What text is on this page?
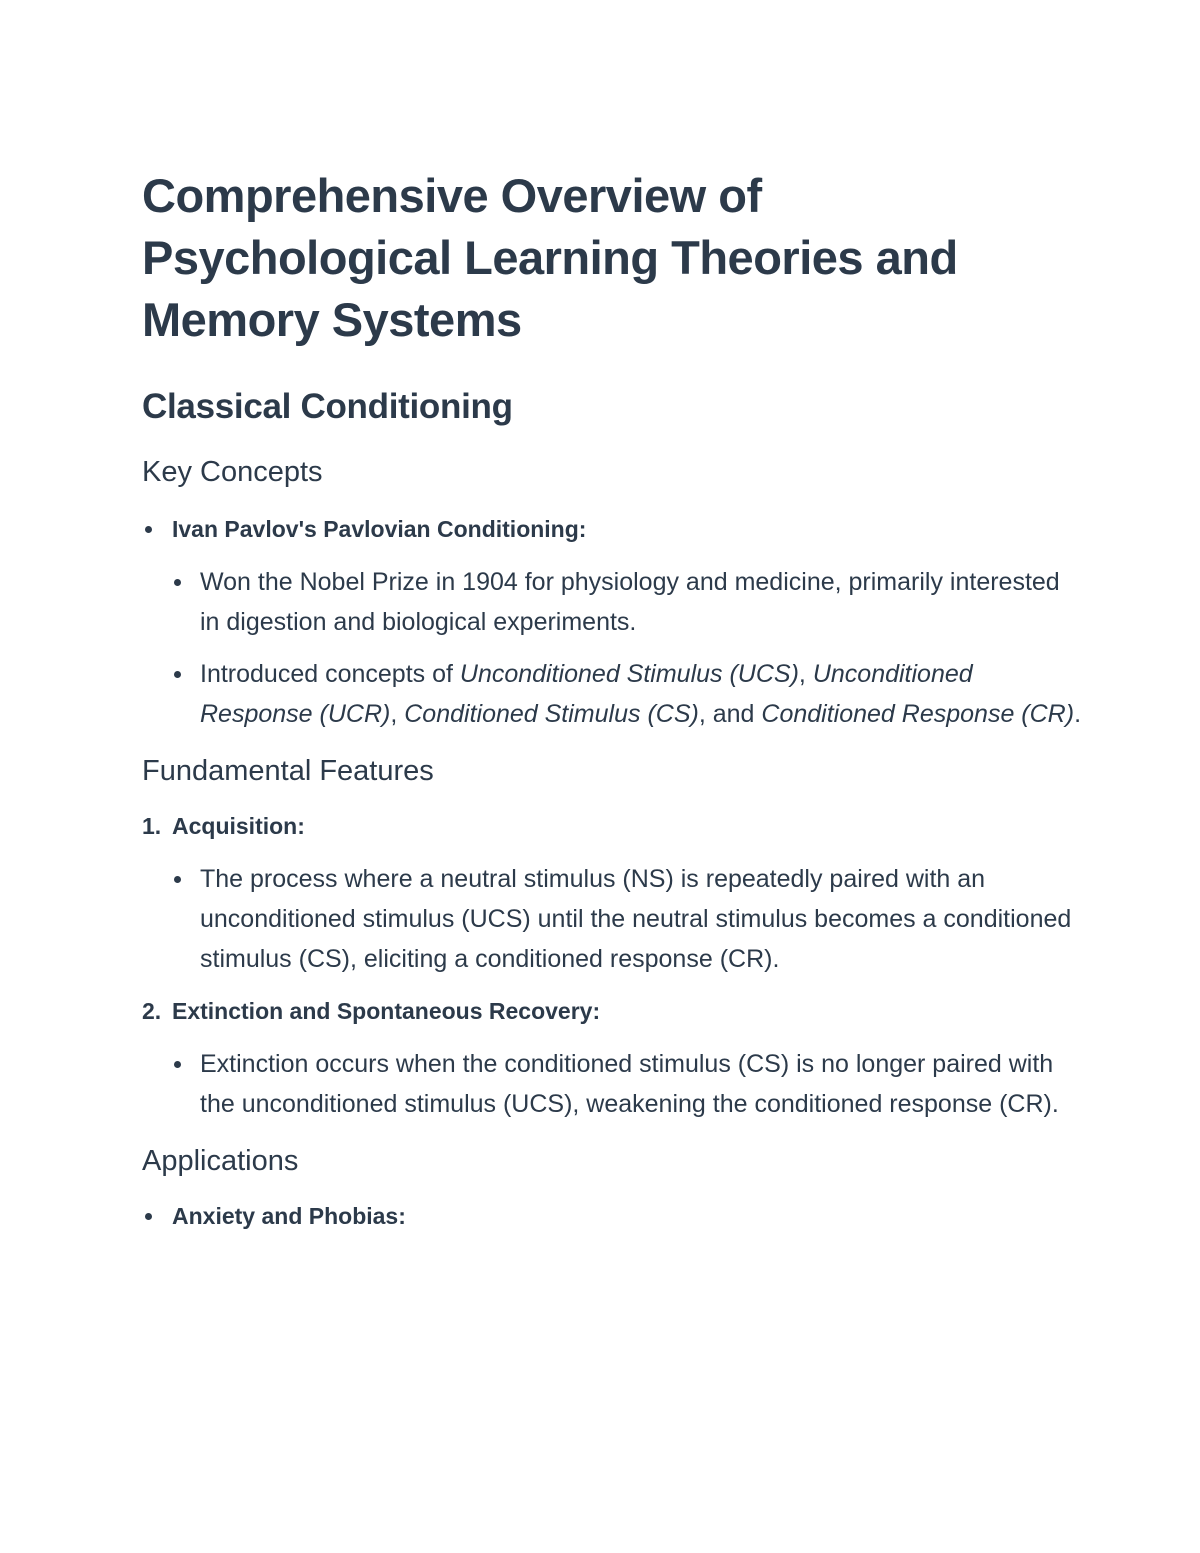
Comprehensive Overview of Psychological Learning Theories and Memory Systems
Classical Conditioning
Key Concepts
Ivan Pavlov's Pavlovian Conditioning:

Won the Nobel Prize in 1904 for physiology and medicine, primarily interested in digestion and biological experiments.

Introduced concepts of Unconditioned Stimulus (UCS), Unconditioned Response (UCR), Conditioned Stimulus (CS), and Conditioned Response (CR).

Fundamental Features
1. Acquisition:

The process where a neutral stimulus (NS) is repeatedly paired with an unconditioned stimulus (UCS) until the neutral stimulus becomes a conditioned stimulus (CS), eliciting a conditioned response (CR).

2. Extinction and Spontaneous Recovery:

Extinction occurs when the conditioned stimulus (CS) is no longer paired with the unconditioned stimulus (UCS), weakening the conditioned response (CR).

Applications
Anxiety and Phobias:
